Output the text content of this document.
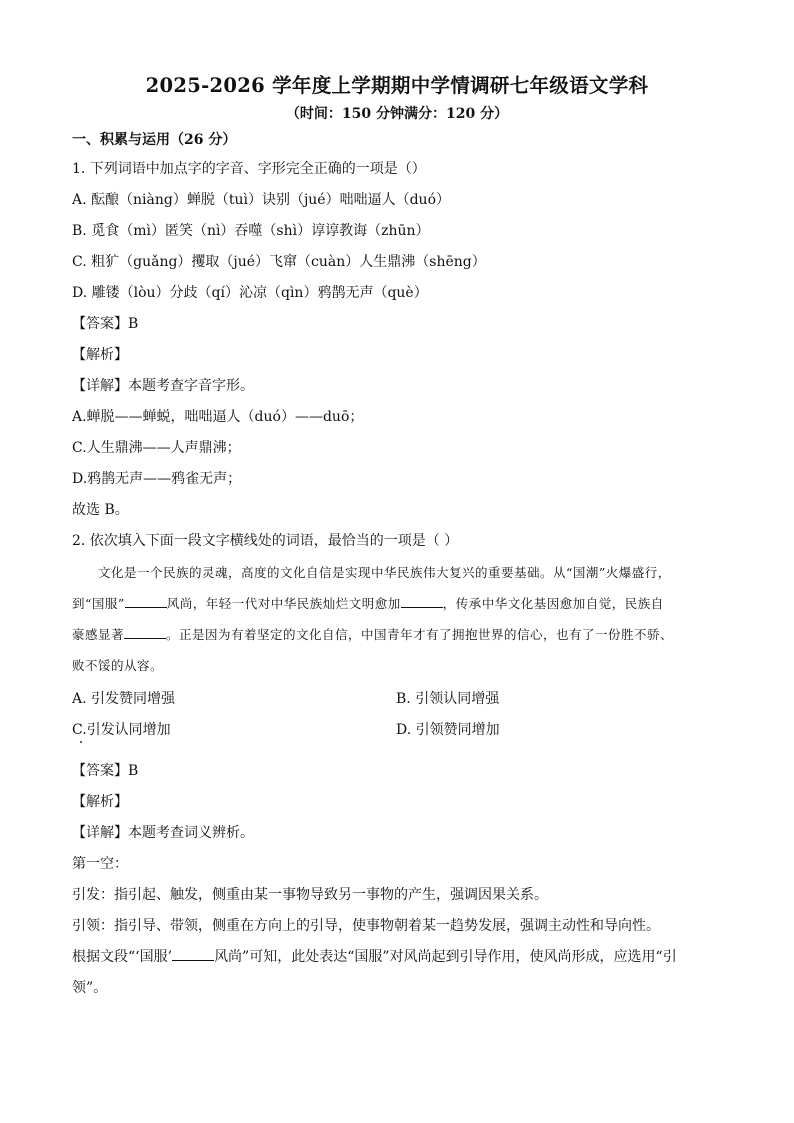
2025-2026 学年度上学期期中学情调研七年级语文学科
（时间：150 分钟满分：120 分）
一、积累与运用（26 分）
1. 下列词语中加点字的字音、字形完全正确的一项是（）
A. 酝酿（niàng）蝉脱（tuì）诀别（jué）咄咄逼人（duó）
B. 觅食（mì）匿笑（nì）吞噬（shì）谆谆教诲（zhūn）
C. 粗犷（guǎng）攫取（jué）飞窜（cuàn）人生鼎沸（shēng）
D. 雕镂（lòu）分歧（qí）沁凉（qìn）鸦鹊无声（què）
【答案】B
【解析】
【详解】本题考查字音字形。
A.蝉脱——蝉蜕，咄咄逼人（duó）——duō；
C.人生鼎沸——人声鼎沸；
D.鸦鹊无声——鸦雀无声；
故选 B。
2. 依次填入下面一段文字横线处的词语，最恰当的一项是（ ）
文化是一个民族的灵魂，高度的文化自信是实现中华民族伟大复兴的重要基础。从“国潮”火爆盛行，
到“国服”	风尚，年轻一代对中华民族灿烂文明愈加	，传承中华文化基因愈加自觉，民族自
豪感显著	。正是因为有着坚定的文化自信，中国青年才有了拥抱世界的信心，也有了一份胜不骄、
败不馁的从容。
A. 引发赞同增强	B. 引领认同增强
C.引发认同增加	D. 引领赞同增加
【答案】B
【解析】
【详解】本题考查词义辨析。
第一空：
引发：指引起、触发，侧重由某一事物导致另一事物的产生，强调因果关系。
引领：指引导、带领，侧重在方向上的引导，使事物朝着某一趋势发展，强调主动性和导向性。
根据文段“‘国服’	风尚”可知，此处表达“国服”对风尚起到引导作用，使风尚形成，应选用“引
领”。
